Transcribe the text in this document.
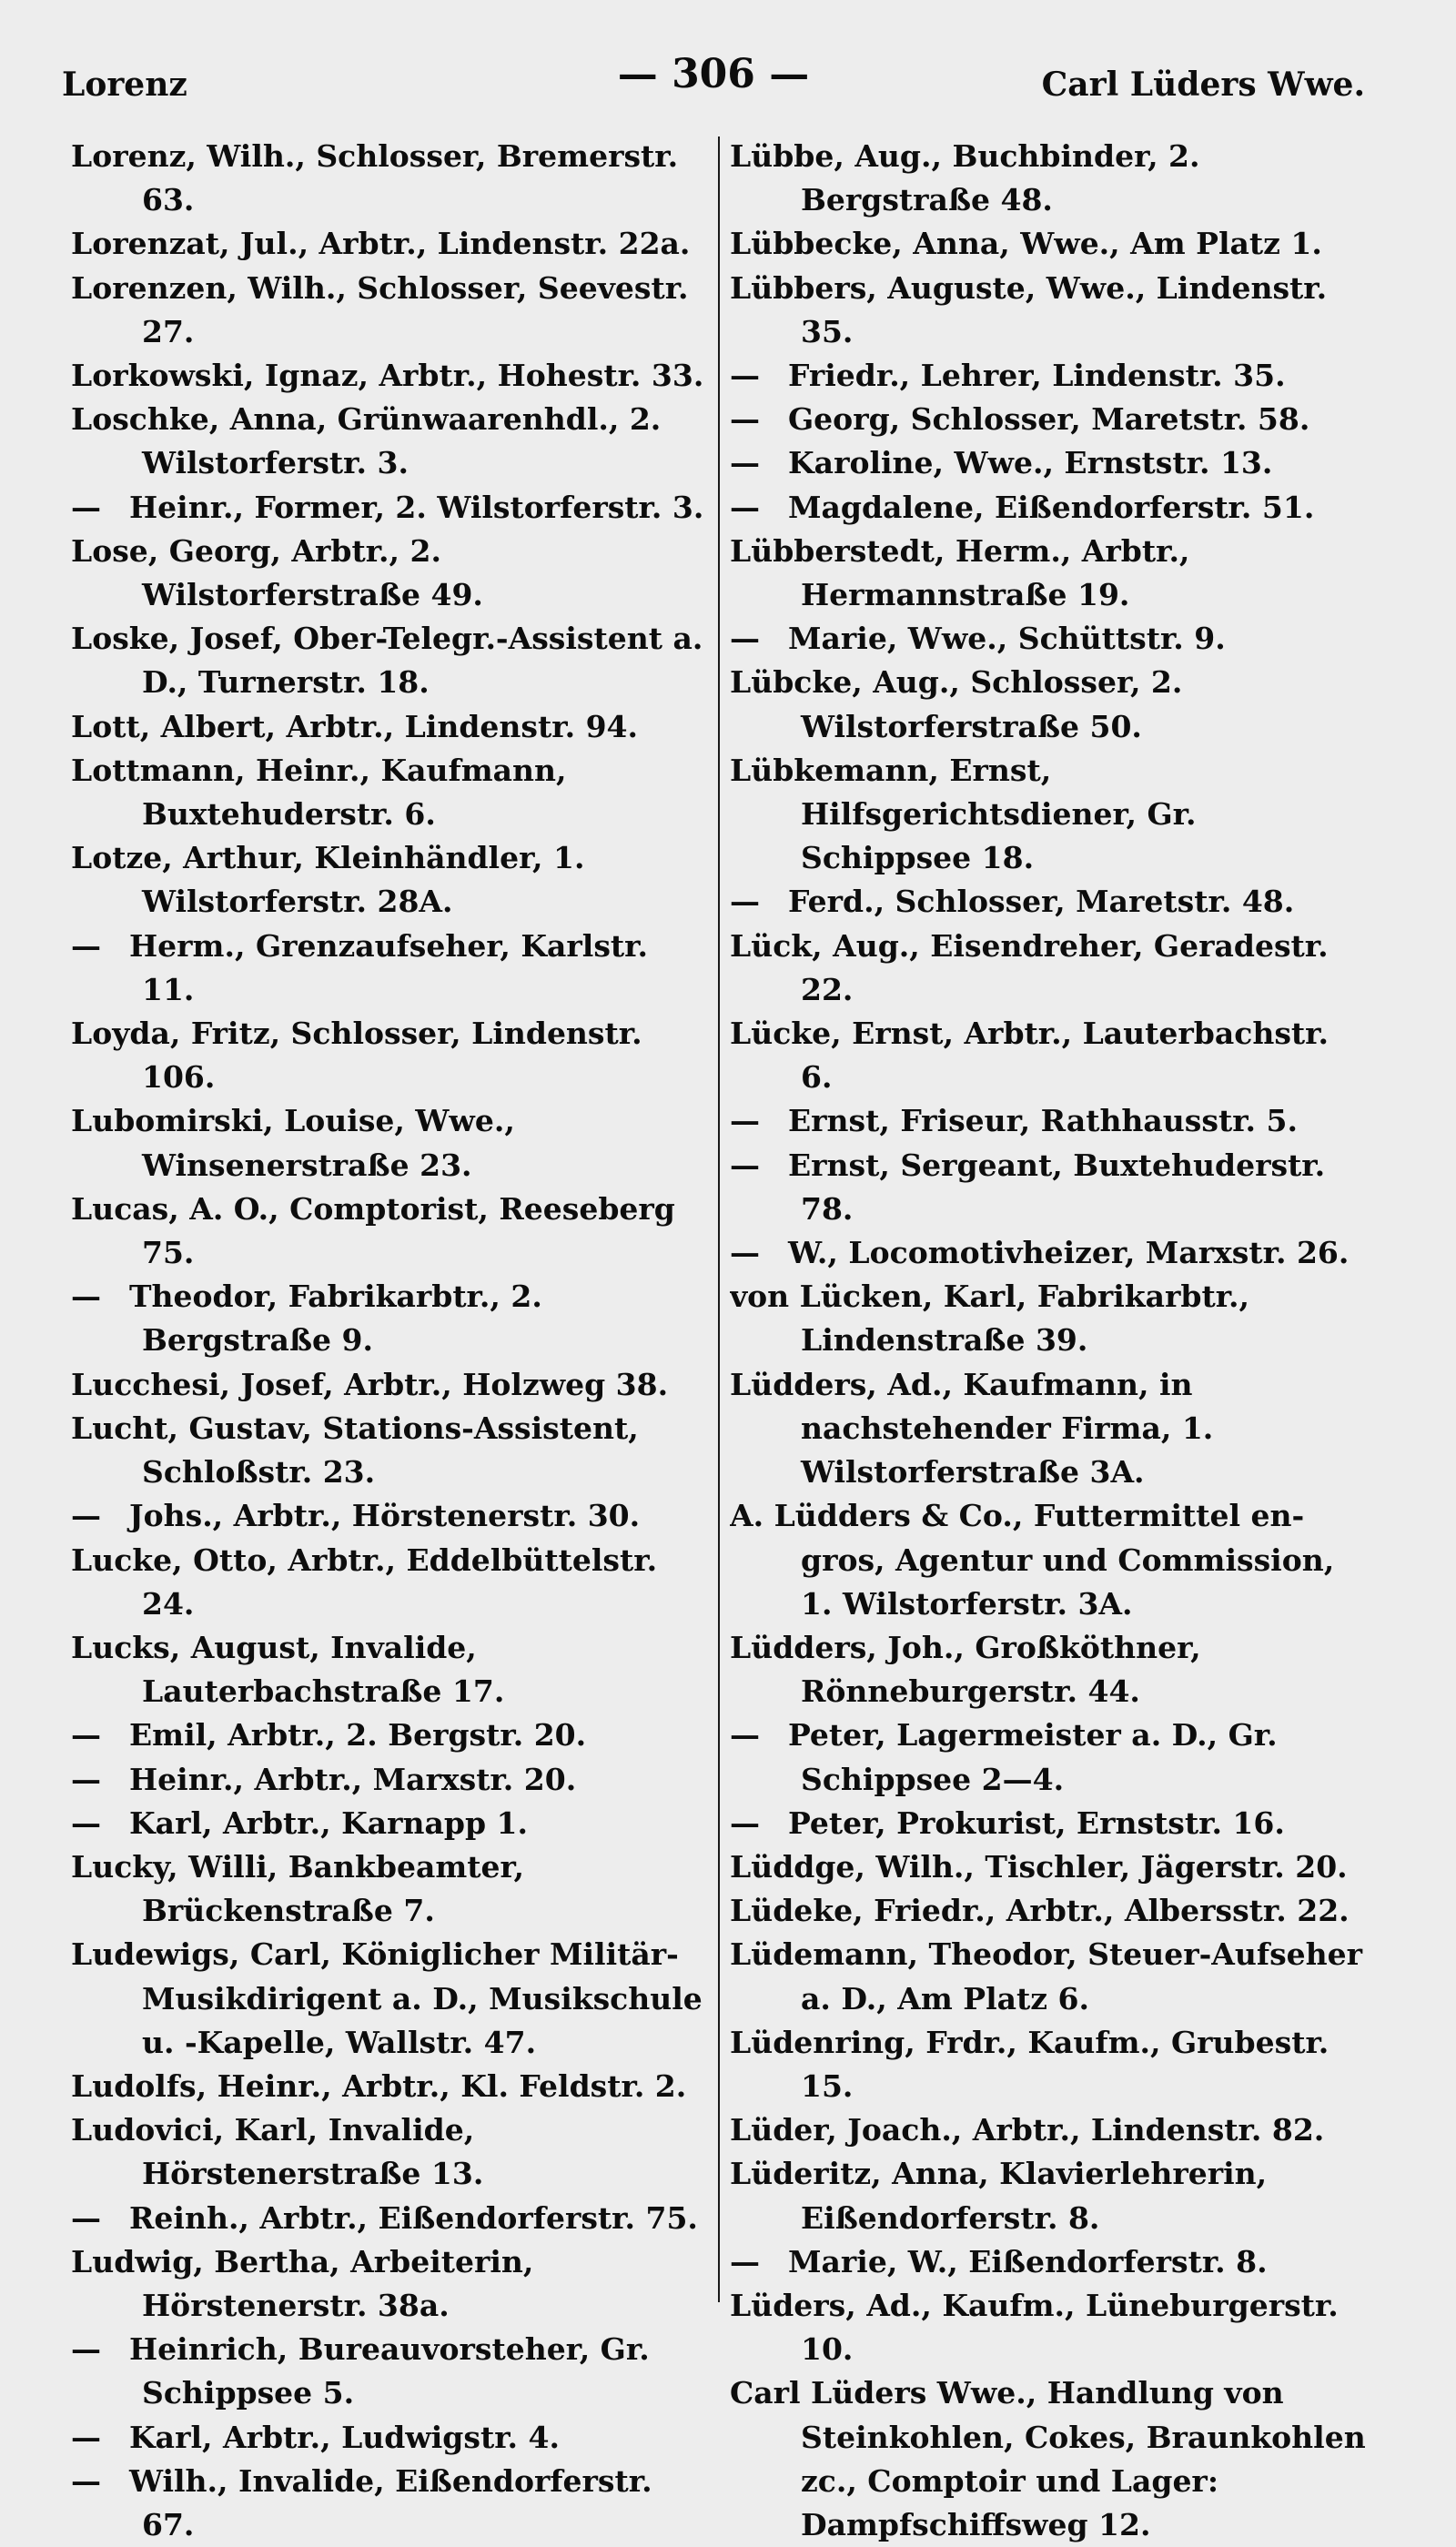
Lorenz	— 306 —	Carl Lüders Wwe.
Lorenz, Wilh., Schlosser, Bremerstr. 63.
Lorenzat, Jul., Arbtr., Lindenstr. 22a.
Lorenzen, Wilh., Schlosser, Seevestr. 27.
Lorkowski, Ignaz, Arbtr., Hohestr. 33.
Loschke, Anna, Grünwaarenhdl., 2. Wilstorferstr. 3.
— Heinr., Former, 2. Wilstorferstr. 3.
Lose, Georg, Arbtr., 2. Wilstorferstraße 49.
Loske, Josef, Ober-Telegr.-Assistent a. D., Turnerstr. 18.
Lott, Albert, Arbtr., Lindenstr. 94.
Lottmann, Heinr., Kaufmann, Buxtehuderstr. 6.
Lotze, Arthur, Kleinhändler, 1. Wilstorferstr. 28A.
— Herm., Grenzaufseher, Karlstr. 11.
Loyda, Fritz, Schlosser, Lindenstr. 106.
Lubomirski, Louise, Wwe., Winsenerstraße 23.
Lucas, A. O., Comptorist, Reeseberg 75.
— Theodor, Fabrikarbtr., 2. Bergstraße 9.
Lucchesi, Josef, Arbtr., Holzweg 38.
Lucht, Gustav, Stations-Assistent, Schloßstr. 23.
— Johs., Arbtr., Hörstenerstr. 30.
Lucke, Otto, Arbtr., Eddelbüttelstr. 24.
Lucks, August, Invalide, Lauterbachstraße 17.
— Emil, Arbtr., 2. Bergstr. 20.
— Heinr., Arbtr., Marxstr. 20.
— Karl, Arbtr., Karnapp 1.
Lucky, Willi, Bankbeamter, Brückenstraße 7.
Ludewigs, Carl, Königlicher Militär-Musikdirigent a. D., Musikschule u. -Kapelle, Wallstr. 47.
Ludolfs, Heinr., Arbtr., Kl. Feldstr. 2.
Ludovici, Karl, Invalide, Hörstenerstraße 13.
— Reinh., Arbtr., Eißendorferstr. 75.
Ludwig, Bertha, Arbeiterin, Hörstenerstr. 38a.
— Heinrich, Bureauvorsteher, Gr. Schippsee 5.
— Karl, Arbtr., Ludwigstr. 4.
— Wilh., Invalide, Eißendorferstr. 67.
Lübbe, Aug., Buchbinder, 2. Bergstraße 48.
Lübbecke, Anna, Wwe., Am Platz 1.
Lübbers, Auguste, Wwe., Lindenstr. 35.
— Friedr., Lehrer, Lindenstr. 35.
— Georg, Schlosser, Maretstr. 58.
— Karoline, Wwe., Ernststr. 13.
— Magdalene, Eißendorferstr. 51.
Lübberstedt, Herm., Arbtr., Hermannstraße 19.
— Marie, Wwe., Schüttstr. 9.
Lübcke, Aug., Schlosser, 2. Wilstorferstraße 50.
Lübkemann, Ernst, Hilfsgerichtsdiener, Gr. Schippsee 18.
— Ferd., Schlosser, Maretstr. 48.
Lück, Aug., Eisendreher, Geradestr. 22.
Lücke, Ernst, Arbtr., Lauterbachstr. 6.
— Ernst, Friseur, Rathhausstr. 5.
— Ernst, Sergeant, Buxtehuderstr. 78.
— W., Locomotivheizer, Marxstr. 26.
von Lücken, Karl, Fabrikarbtr., Lindenstraße 39.
Lüdders, Ad., Kaufmann, in nachstehender Firma, 1. Wilstorferstraße 3A.
A. Lüdders & Co., Futtermittel en-gros, Agentur und Commission, 1. Wilstorferstr. 3A.
Lüdders, Joh., Großköthner, Rönneburgerstr. 44.
— Peter, Lagermeister a. D., Gr. Schippsee 2—4.
— Peter, Prokurist, Ernststr. 16.
Lüddge, Wilh., Tischler, Jägerstr. 20.
Lüdeke, Friedr., Arbtr., Albersstr. 22.
Lüdemann, Theodor, Steuer-Aufseher a. D., Am Platz 6.
Lüdenring, Frdr., Kaufm., Grubestr. 15.
Lüder, Joach., Arbtr., Lindenstr. 82.
Lüderitz, Anna, Klavierlehrerin, Eißendorferstr. 8.
— Marie, W., Eißendorferstr. 8.
Lüders, Ad., Kaufm., Lüneburgerstr. 10.
Carl Lüders Wwe., Handlung von Steinkohlen, Cokes, Braunkohlen zc., Comptoir und Lager: Dampfschiffsweg 12.
